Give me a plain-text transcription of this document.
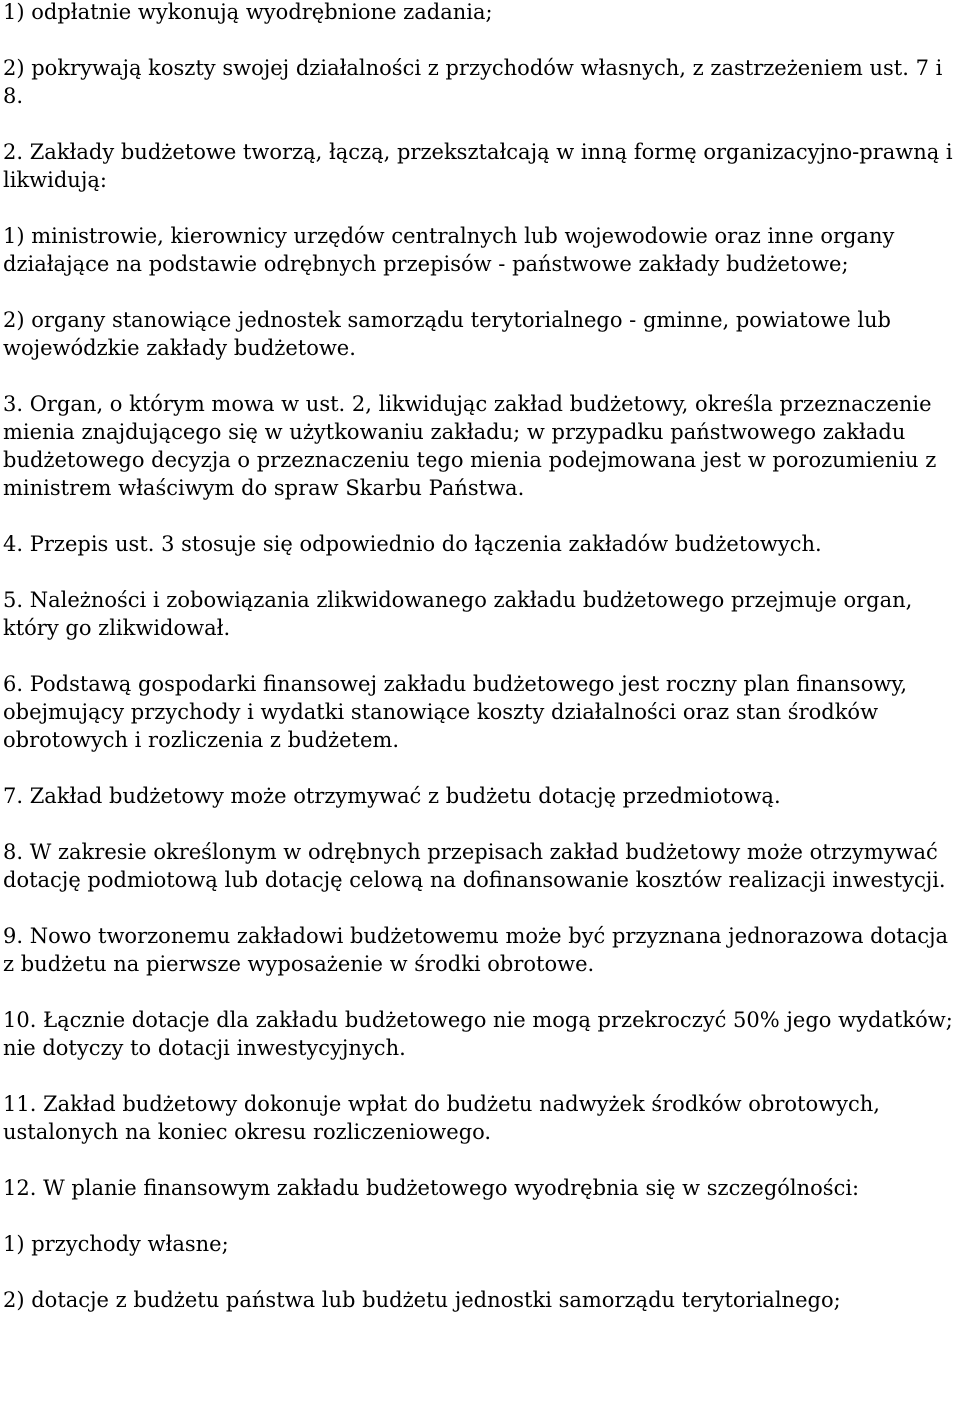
1) odpłatnie wykonują wyodrębnione zadania;

2) pokrywają koszty swojej działalności z przychodów własnych, z zastrzeżeniem ust. 7 i 8.

2. Zakłady budżetowe tworzą, łączą, przekształcają w inną formę organizacyjno-prawną i likwidują:

1) ministrowie, kierownicy urzędów centralnych lub wojewodowie oraz inne organy działające na podstawie odrębnych przepisów - państwowe zakłady budżetowe;

2) organy stanowiące jednostek samorządu terytorialnego - gminne, powiatowe lub wojewódzkie zakłady budżetowe.

3. Organ, o którym mowa w ust. 2, likwidując zakład budżetowy, określa przeznaczenie mienia znajdującego się w użytkowaniu zakładu; w przypadku państwowego zakładu budżetowego decyzja o przeznaczeniu tego mienia podejmowana jest w porozumieniu z ministrem właściwym do spraw Skarbu Państwa.

4. Przepis ust. 3 stosuje się odpowiednio do łączenia zakładów budżetowych.

5. Należności i zobowiązania zlikwidowanego zakładu budżetowego przejmuje organ, który go zlikwidował.

6. Podstawą gospodarki finansowej zakładu budżetowego jest roczny plan finansowy, obejmujący przychody i wydatki stanowiące koszty działalności oraz stan środków obrotowych i rozliczenia z budżetem.

7. Zakład budżetowy może otrzymywać z budżetu dotację przedmiotową.

8. W zakresie określonym w odrębnych przepisach zakład budżetowy może otrzymywać dotację podmiotową lub dotację celową na dofinansowanie kosztów realizacji inwestycji.

9. Nowo tworzonemu zakładowi budżetowemu może być przyznana jednorazowa dotacja z budżetu na pierwsze wyposażenie w środki obrotowe.

10. Łącznie dotacje dla zakładu budżetowego nie mogą przekroczyć 50% jego wydatków; nie dotyczy to dotacji inwestycyjnych.

11. Zakład budżetowy dokonuje wpłat do budżetu nadwyżek środków obrotowych, ustalonych na koniec okresu rozliczeniowego.

12. W planie finansowym zakładu budżetowego wyodrębnia się w szczególności:

1) przychody własne;

2) dotacje z budżetu państwa lub budżetu jednostki samorządu terytorialnego;
